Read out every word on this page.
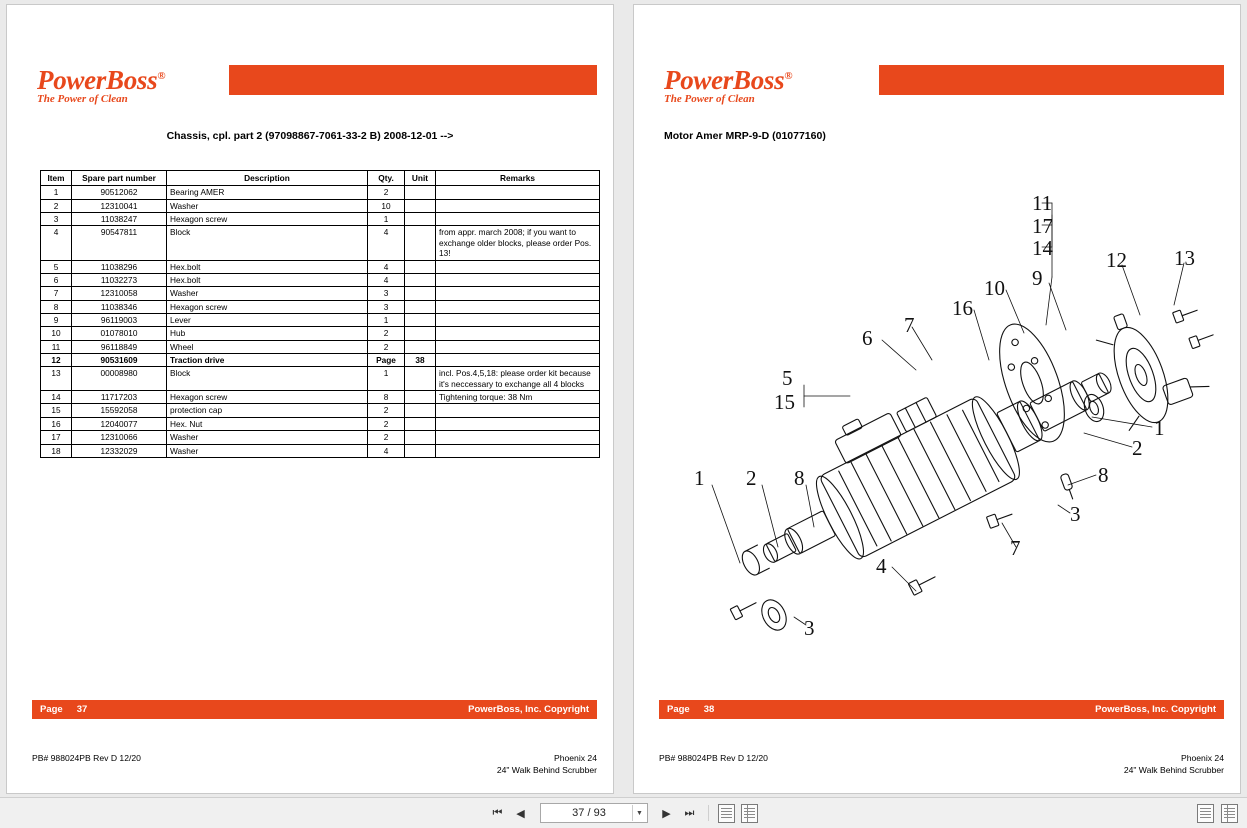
PowerBoss®
The Power of Clean
Chassis, cpl. part 2 (97098867-7061-33-2 B) 2008-12-01 -->
Item	Spare part number	Description	Qty.	Unit	Remarks
1	90512062	Bearing AMER	2		
2	12310041	Washer	10		
3	11038247	Hexagon screw	1		
4	90547811	Block	4		from appr. march 2008; if you want to exchange older blocks, please order Pos. 13!
5	11038296	Hex.bolt	4		
6	11032273	Hex.bolt	4		
7	12310058	Washer	3		
8	11038346	Hexagon screw	3		
9	96119003	Lever	1		
10	01078010	Hub	2		
11	96118849	Wheel	2		
12	90531609	Traction drive	Page	38	
13	00008980	Block	1		incl. Pos.4,5,18: please order kit because it's neccessary to exchange all 4 blocks
14	11717203	Hexagon screw	8		Tightening torque: 38 Nm
15	15592058	protection cap	2		
16	12040077	Hex. Nut	2		
17	12310066	Washer	2		
18	12332029	Washer	4		
Page 37	PowerBoss, Inc. Copyright
PB# 988024PB Rev D 12/20	Phoenix 24
24" Walk Behind Scrubber
PowerBoss®
The Power of Clean
Motor Amer MRP-9-D (01077160)
11
17
14	12 13
10 9
16
6
7
5
15
1
2
8
3
7
4
1 2 8
3
Page 38	PowerBoss, Inc. Copyright
PB# 988024PB Rev D 12/20	Phoenix 24
24" Walk Behind Scrubber
⏮	◀	37 / 93	▼	▶	⏭
